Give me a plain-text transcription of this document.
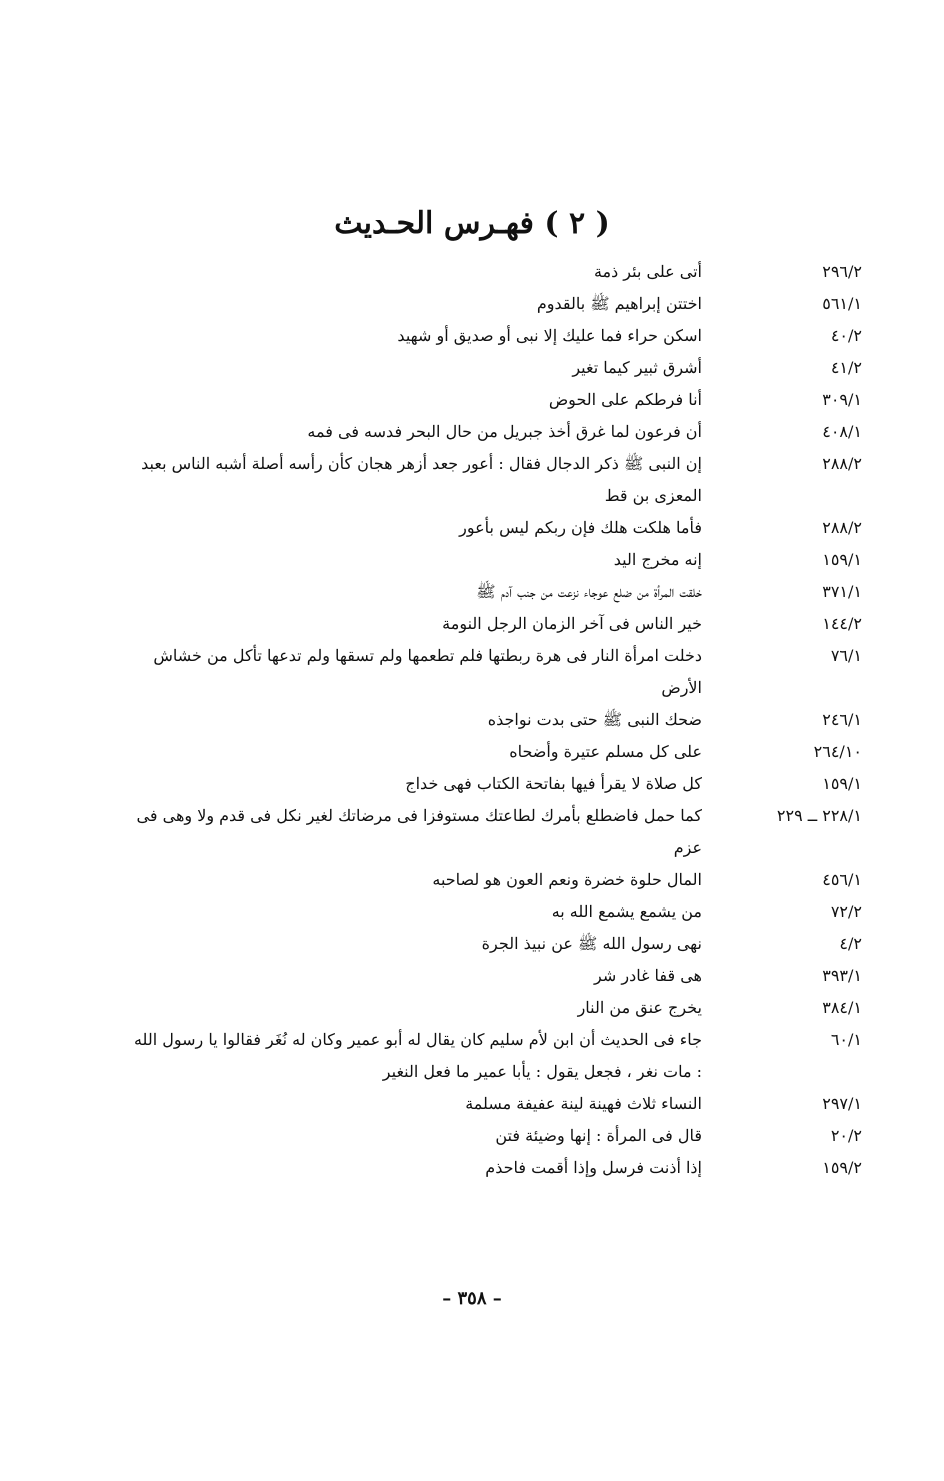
( ٢ ) فهـرس الحـديث
٢٩٦/٢
أتى على بئر ذمة
٥٦١/١
اختتن إبراهيم ﷺ بالقدوم
٤٠/٢
اسكن حراء فما عليك إلا نبى أو صديق أو شهيد
٤١/٢
أشرق ثبير كيما تغير
٣٠٩/١
أنا فرطكم على الحوض
٤٠٨/١
أن فرعون لما غرق أخذ جبريل من حال البحر فدسه فى فمه
٢٨٨/٢
إن النبى ﷺ ذكر الدجال فقال : أعور جعد أزهر هجان كأن رأسه أصلة أشبه الناس بعبد المعزى بن قط
٢٨٨/٢
فأما هلكت هلك فإن ربكم ليس بأعور
١٥٩/١
إنه مخرج اليد
٣٧١/١
خلقت المرأة من ضلع عوجاء نزعت من جنب آدم ﷺ
١٤٤/٢
خير الناس فى آخر الزمان الرجل النومة
٧٦/١
دخلت امرأة النار فى هرة ربطتها فلم تطعمها ولم تسقها ولم تدعها تأكل من خشاش الأرض
٢٤٦/١
ضحك النبى ﷺ حتى بدت نواجذه
٢٦٤/١٠
على كل مسلم عتيرة وأضحاه
١٥٩/١
كل صلاة لا يقرأ فيها بفاتحة الكتاب فهى خداج
٢٢٨/١ ــ ٢٢٩
كما حمل فاضطلع بأمرك لطاعتك مستوفزا فى مرضاتك لغير نكل فى قدم ولا وهى فى عزم
٤٥٦/١
المال حلوة خضرة ونعم العون هو لصاحبه
٧٢/٢
من يشمع يشمع الله به
٤/٢
نهى رسول الله ﷺ عن نبيذ الجرة
٣٩٣/١
هى قفا غادر شر
٣٨٤/١
يخرج عنق من النار
٦٠/١
جاء فى الحديث أن ابن لأم سليم كان يقال له أبو عمير وكان له نُغَر فقالوا يا رسول الله : مات نغر ، فجعل يقول : يأبا عمير ما فعل النغير
٢٩٧/١
النساء ثلاث فهينة لينة عفيفة مسلمة
٢٠/٢
قال فى المرأة : إنها وضيئة فتن
١٥٩/٢
إذا أذنت فرسل وإذا أقمت فاحذم
– ٣٥٨ –
